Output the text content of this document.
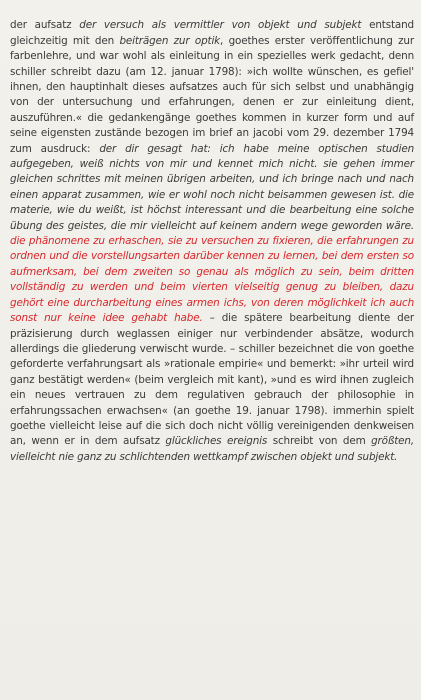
der aufsatz der versuch als vermittler von objekt und subjekt entstand gleichzeitig mit den beiträgen zur optik, goethes erster veröffentlichung zur farbenlehre, und war wohl als einleitung in ein spezielles werk gedacht, denn schiller schreibt dazu (am 12. januar 1798): »ich wollte wünschen, es gefiel' ihnen, den hauptinhalt dieses aufsatzes auch für sich selbst und unabhängig von der untersuchung und erfahrungen, denen er zur einleitung dient, auszuführen.« die gedankengänge goethes kommen in kurzer form und auf seine eigensten zustände bezogen im brief an jacobi vom 29. dezember 1794 zum ausdruck: der dir gesagt hat: ich habe meine optischen studien aufgegeben, weiß nichts von mir und kennet mich nicht. sie gehen immer gleichen schrittes mit meinen übrigen arbeiten, und ich bringe nach und nach einen apparat zusammen, wie er wohl noch nicht beisammen gewesen ist. die materie, wie du weißt, ist höchst interessant und die bearbeitung eine solche übung des geistes, die mir vielleicht auf keinem andern wege geworden wäre. die phänomene zu erhaschen, sie zu versuchen zu fixieren, die erfahrungen zu ordnen und die vorstellungsarten darüber kennen zu lernen, bei dem ersten so aufmerksam, bei dem zweiten so genau als möglich zu sein, beim dritten vollständig zu werden und beim vierten vielseitig genug zu bleiben, dazu gehört eine durcharbeitung eines armen ichs, von deren möglichkeit ich auch sonst nur keine idee gehabt habe. – die spätere bearbeitung diente der präzisierung durch weglassen einiger nur verbindender absätze, wodurch allerdings die gliederung verwischt wurde. – schiller bezeichnet die von goethe geforderte verfahrungsart als »rationale empirie« und bemerkt: »ihr urteil wird ganz bestätigt werden« (beim vergleich mit kant), »und es wird ihnen zugleich ein neues vertrauen zu dem regulativen gebrauch der philosophie in erfahrungssachen erwachsen« (an goethe 19. januar 1798). immerhin spielt goethe vielleicht leise auf die sich doch nicht völlig vereinigenden denkweisen an, wenn er in dem aufsatz glückliches ereignis schreibt von dem größten, vielleicht nie ganz zu schlichtenden wettkampf zwischen objekt und subjekt.
